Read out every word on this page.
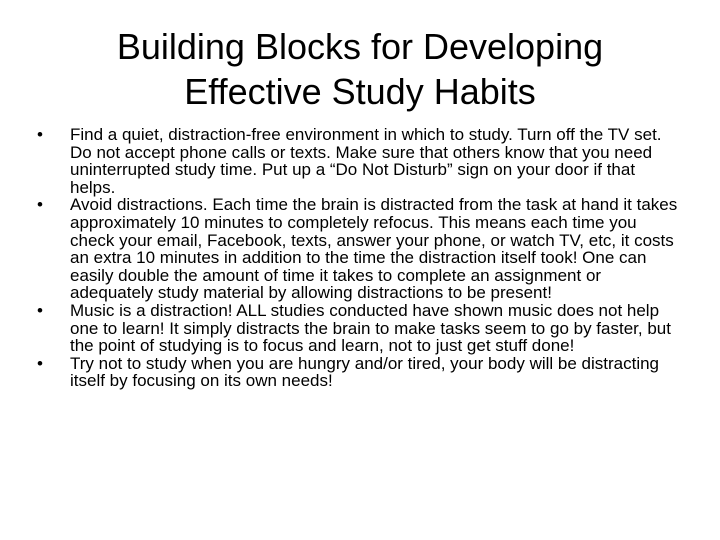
Building Blocks for Developing
Effective Study Habits
•	Find a quiet, distraction-free environment in which to study. Turn off the TV set. Do not accept phone calls or texts. Make sure that others know that you need uninterrupted study time. Put up a “Do Not Disturb” sign on your door if that helps.
•	Avoid distractions. Each time the brain is distracted from the task at hand it takes approximately 10 minutes to completely refocus. This means each time you check your email, Facebook, texts, answer your phone, or watch TV, etc, it costs an extra 10 minutes in addition to the time the distraction itself took! One can easily double the amount of time it takes to complete an assignment or adequately study material by allowing distractions to be present!
•	Music is a distraction! ALL studies conducted have shown music does not help one to learn! It simply distracts the brain to make tasks seem to go by faster, but the point of studying is to focus and learn, not to just get stuff done!
•	Try not to study when you are hungry and/or tired, your body will be distracting itself by focusing on its own needs!
